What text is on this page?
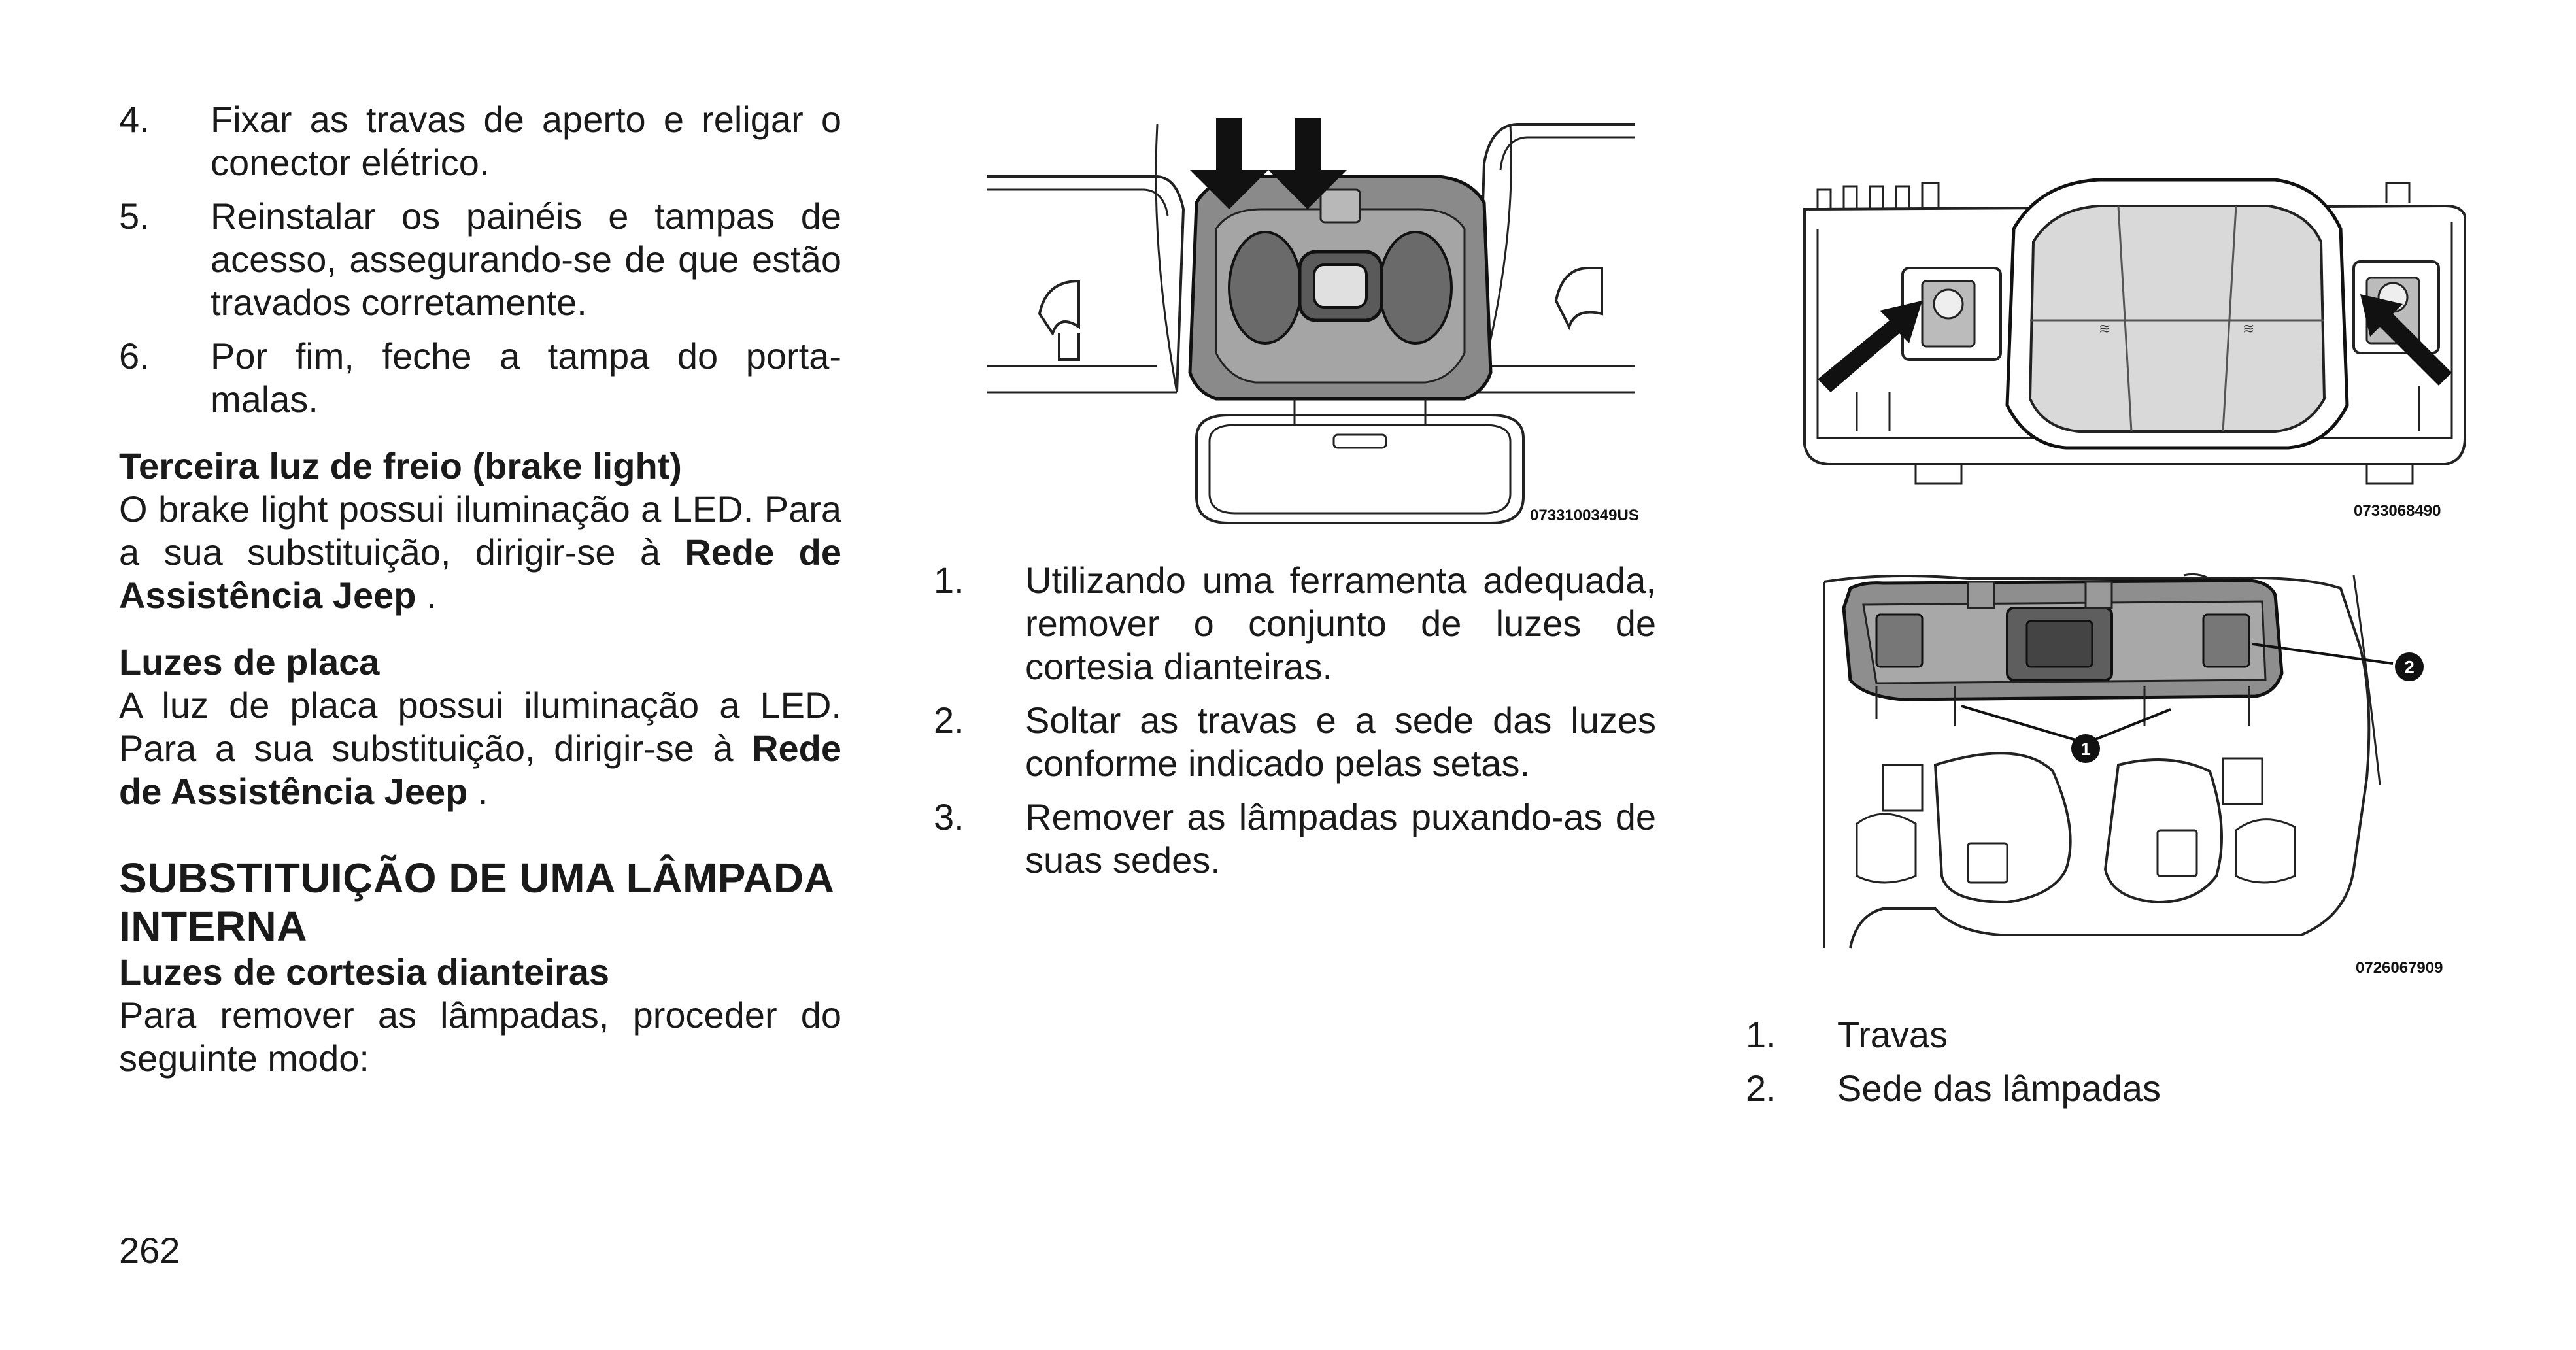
4.	Fixar as travas de aperto e religar o conector elétrico.
5.	Reinstalar os painéis e tampas de acesso, assegurando-se de que estão travados corretamente.
6.	Por fim, feche a tampa do porta-malas.
Terceira luz de freio (brake light)

O brake light possui iluminação a LED. Para a sua substituição, dirigir-se à Rede de Assistência Jeep .

Luzes de placa

A luz de placa possui iluminação a LED. Para a sua substituição, dirigir-se à Rede de Assistência Jeep .

SUBSTITUIÇÃO DE UMA LÂMPADA INTERNA
Luzes de cortesia dianteiras

Para remover as lâmpadas, proceder do seguinte modo:

0733100349US
1.	Utilizando uma ferramenta adequada, remover o conjunto de luzes de cortesia dianteiras.
2.	Soltar as travas e a sede das luzes conforme indicado pelas setas.
3.	Remover as lâmpadas puxando-as de suas sedes.
≋	≋
0733068490
2
1
0726067909
1.	Travas
2.	Sede das lâmpadas
262
